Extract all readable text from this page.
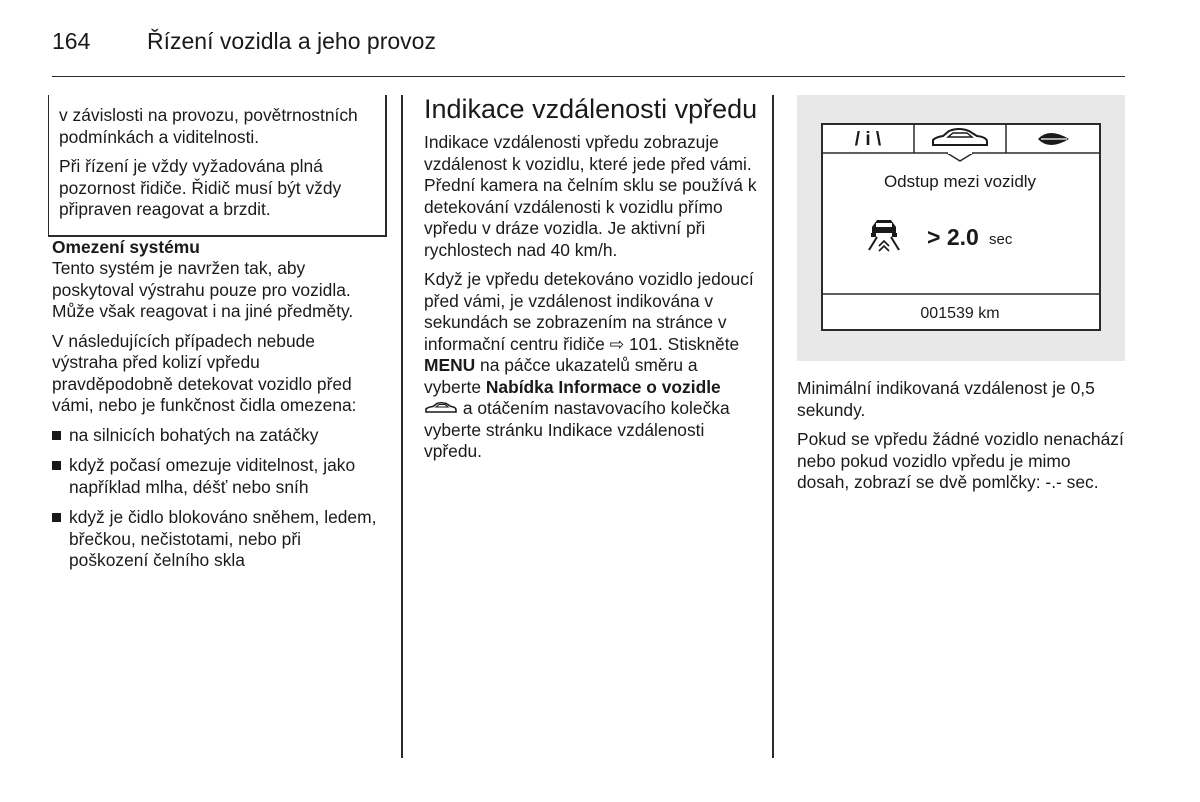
164 Řízení vozidla a jeho provoz

v závislosti na provozu, povětrnostních podmínkách a viditelnosti.

Při řízení je vždy vyžadována plná pozornost řidiče. Řidič musí být vždy připraven reagovat a brzdit.

Omezení systému

Tento systém je navržen tak, aby poskytoval výstrahu pouze pro vozidla. Může však reagovat i na jiné předměty.

V následujících případech nebude výstraha před kolizí vpředu pravděpodobně detekovat vozidlo před vámi, nebo je funkčnost čidla omezena:

na silnicích bohatých na zatáčky
když počasí omezuje viditelnost, jako například mlha, déšť nebo sníh
když je čidlo blokováno sněhem, ledem, břečkou, nečistotami, nebo při poškození čelního skla
Indikace vzdálenosti vpředu

Indikace vzdálenosti vpředu zobrazuje vzdálenost k vozidlu, které jede před vámi. Přední kamera na čelním sklu se používá k detekování vzdálenosti k vozidlu přímo vpředu v dráze vozidla. Je aktivní při rychlostech nad 40 km/h.

Když je vpředu detekováno vozidlo jedoucí před vámi, je vzdálenost indikována v sekundách se zobrazením na stránce v informační centru řidiče ⇨ 101. Stiskněte MENU na páčce ukazatelů směru a vyberte Nabídka Informace o vozidle  a otáčením nastavovacího kolečka vyberte stránku Indikace vzdálenosti vpředu.

/ i \
Odstup mezi vozidly
> 2.0 sec
001539 km

Minimální indikovaná vzdálenost je 0,5 sekundy.

Pokud se vpředu žádné vozidlo nenachází nebo pokud vozidlo vpředu je mimo dosah, zobrazí se dvě pomlčky: -.- sec.
